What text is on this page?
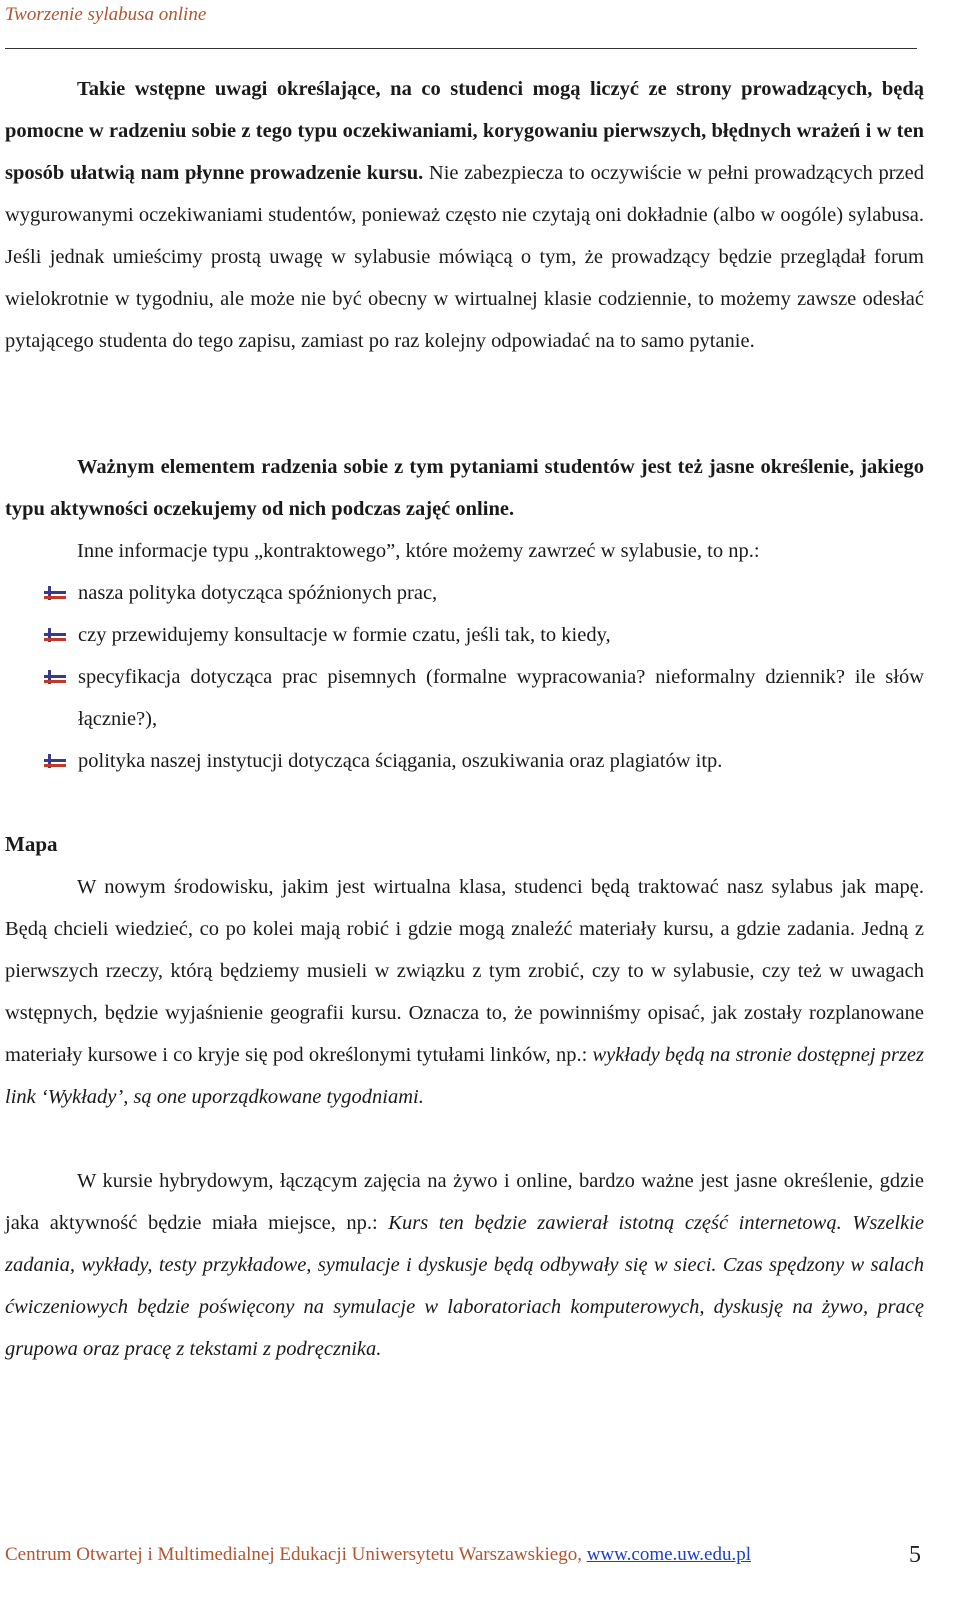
Tworzenie sylabusa online

Takie wstępne uwagi określające, na co studenci mogą liczyć ze strony prowadzących, będą pomocne w radzeniu sobie z tego typu oczekiwaniami, korygowaniu pierwszych, błędnych wrażeń i w ten sposób ułatwią nam płynne prowadzenie kursu. Nie zabezpiecza to oczywiście w pełni prowadzących przed wygurowanymi oczekiwaniami studentów, ponieważ często nie czytają oni dokładnie (albo w oogóle) sylabusa. Jeśli jednak umieścimy prostą uwagę w sylabusie mówiącą o tym, że prowadzący będzie przeglądał forum wielokrotnie w tygodniu, ale może nie być obecny w wirtualnej klasie codziennie, to możemy zawsze odesłać pytającego studenta do tego zapisu, zamiast po raz kolejny odpowiadać na to samo pytanie.

Ważnym elementem radzenia sobie z tym pytaniami studentów jest też jasne określenie, jakiego typu aktywności oczekujemy od nich podczas zajęć online.

Inne informacje typu „kontraktowego”, które możemy zawrzeć w sylabusie, to np.:

nasza polityka dotycząca spóźnionych prac,

czy przewidujemy konsultacje w formie czatu, jeśli tak, to kiedy,

specyfikacja dotycząca prac pisemnych (formalne wypracowania? nieformalny dziennik? ile słów łącznie?),

polityka naszej instytucji dotycząca ściągania, oszukiwania oraz plagiatów itp.

Mapa

W nowym środowisku, jakim jest wirtualna klasa, studenci będą traktować nasz sylabus jak mapę. Będą chcieli wiedzieć, co po kolei mają robić i gdzie mogą znaleźć materiały kursu, a gdzie zadania. Jedną z pierwszych rzeczy, którą będziemy musieli w związku z tym zrobić, czy to w sylabusie, czy też w uwagach wstępnych, będzie wyjaśnienie geografii kursu. Oznacza to, że powinniśmy opisać, jak zostały rozplanowane materiały kursowe i co kryje się pod określonymi tytułami linków, np.: wykłady będą na stronie dostępnej przez link ‘Wykłady’, są one uporządkowane tygodniami.

W kursie hybrydowym, łączącym zajęcia na żywo i online, bardzo ważne jest jasne określenie, gdzie jaka aktywność będzie miała miejsce, np.: Kurs ten będzie zawierał istotną część internetową. Wszelkie zadania, wykłady, testy przykładowe, symulacje i dyskusje będą odbywały się w sieci. Czas spędzony w salach ćwiczeniowych będzie poświęcony na symulacje w laboratoriach komputerowych, dyskusję na żywo, pracę grupowa oraz pracę z tekstami z podręcznika.

Centrum Otwartej i Multimedialnej Edukacji Uniwersytetu Warszawskiego, www.come.uw.edu.pl	5
